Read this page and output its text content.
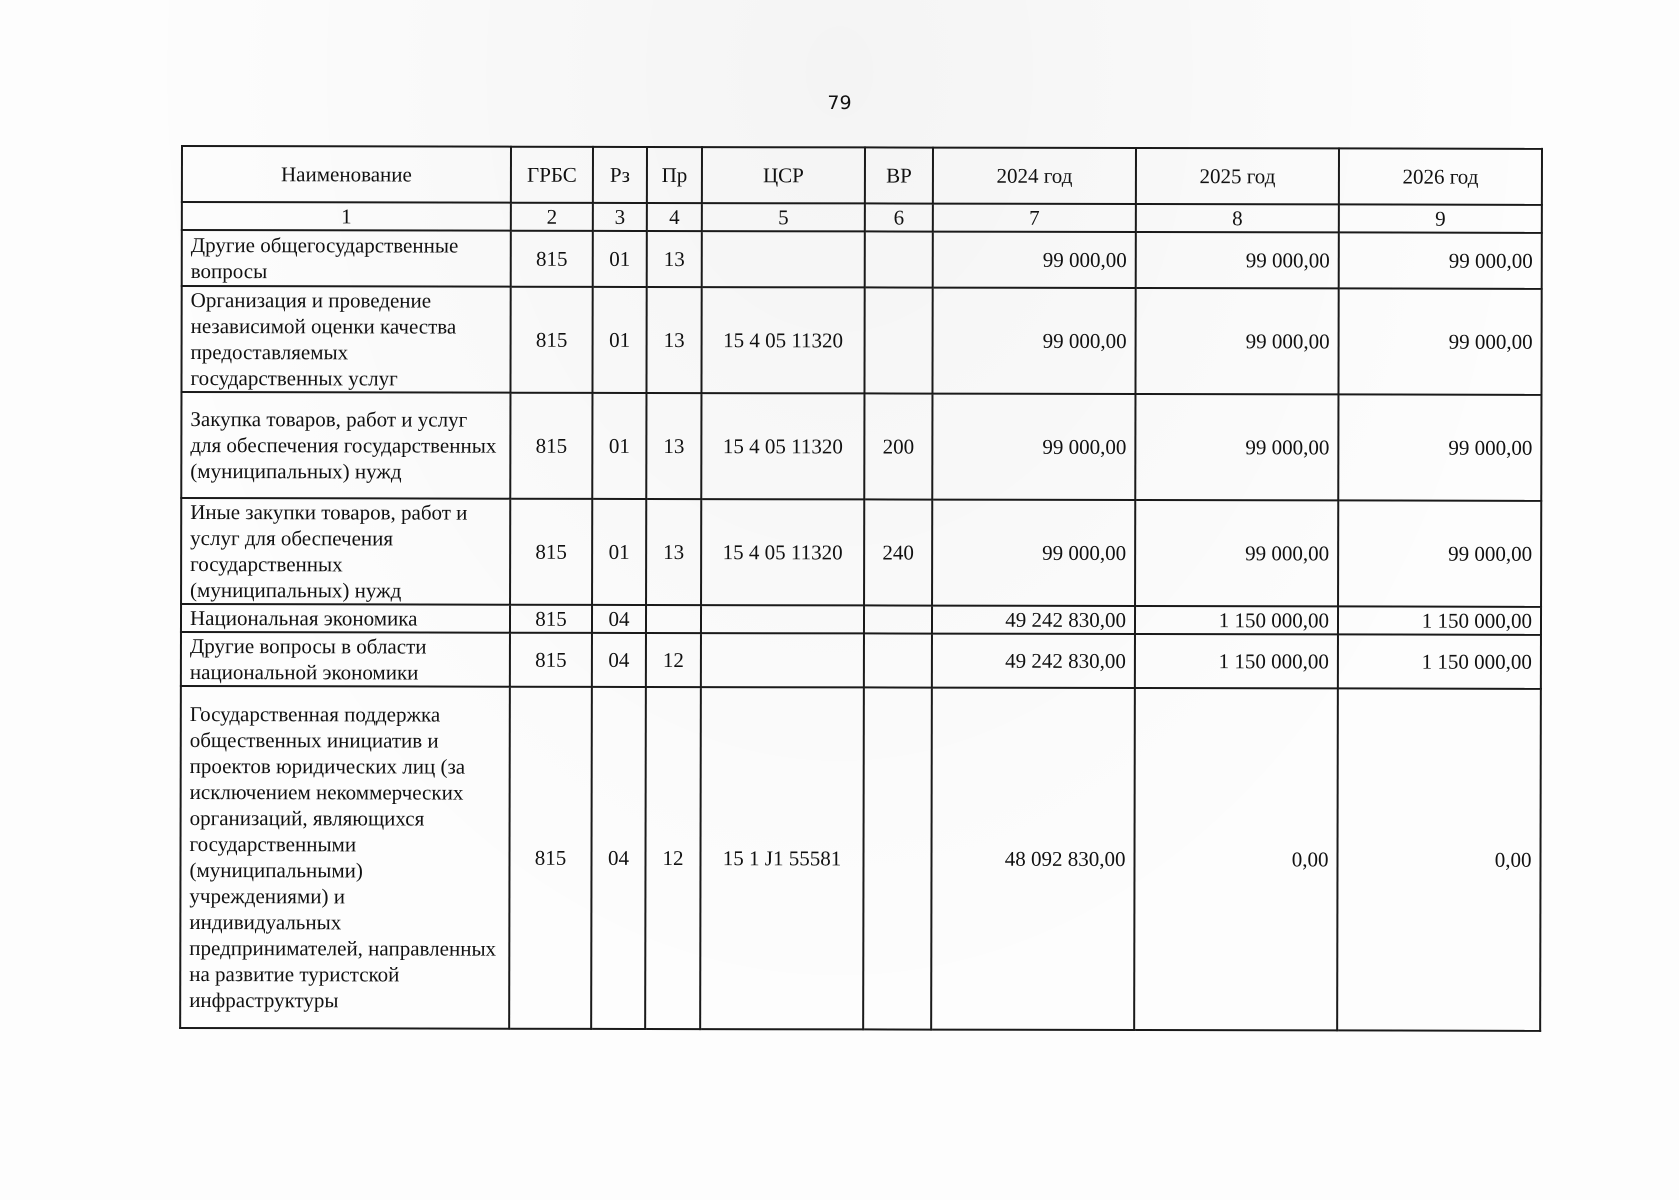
79
Наименование	ГРБС	Рз	Пр	ЦСР	ВР	2024 год	2025 год	2026 год
1	2	3	4	5	6	7	8	9
Другие общегосударственные вопросы	815	01	13			99 000,00	99 000,00	99 000,00
Организация и проведение независимой оценки качества предоставляемых государственных услуг	815	01	13	15 4 05 11320		99 000,00	99 000,00	99 000,00
Закупка товаров, работ и услуг для обеспечения государственных (муниципальных) нужд	815	01	13	15 4 05 11320	200	99 000,00	99 000,00	99 000,00
Иные закупки товаров, работ и услуг для обеспечения государственных (муниципальных) нужд	815	01	13	15 4 05 11320	240	99 000,00	99 000,00	99 000,00
Национальная экономика	815	04				49 242 830,00	1 150 000,00	1 150 000,00
Другие вопросы в области национальной экономики	815	04	12			49 242 830,00	1 150 000,00	1 150 000,00
Государственная поддержка общественных инициатив и проектов юридических лиц (за исключением некоммерческих организаций, являющихся государственными (муниципальными) учреждениями) и индивидуальных предпринимателей, направленных на развитие туристской инфраструктуры	815	04	12	15 1 J1 55581		48 092 830,00	0,00	0,00
